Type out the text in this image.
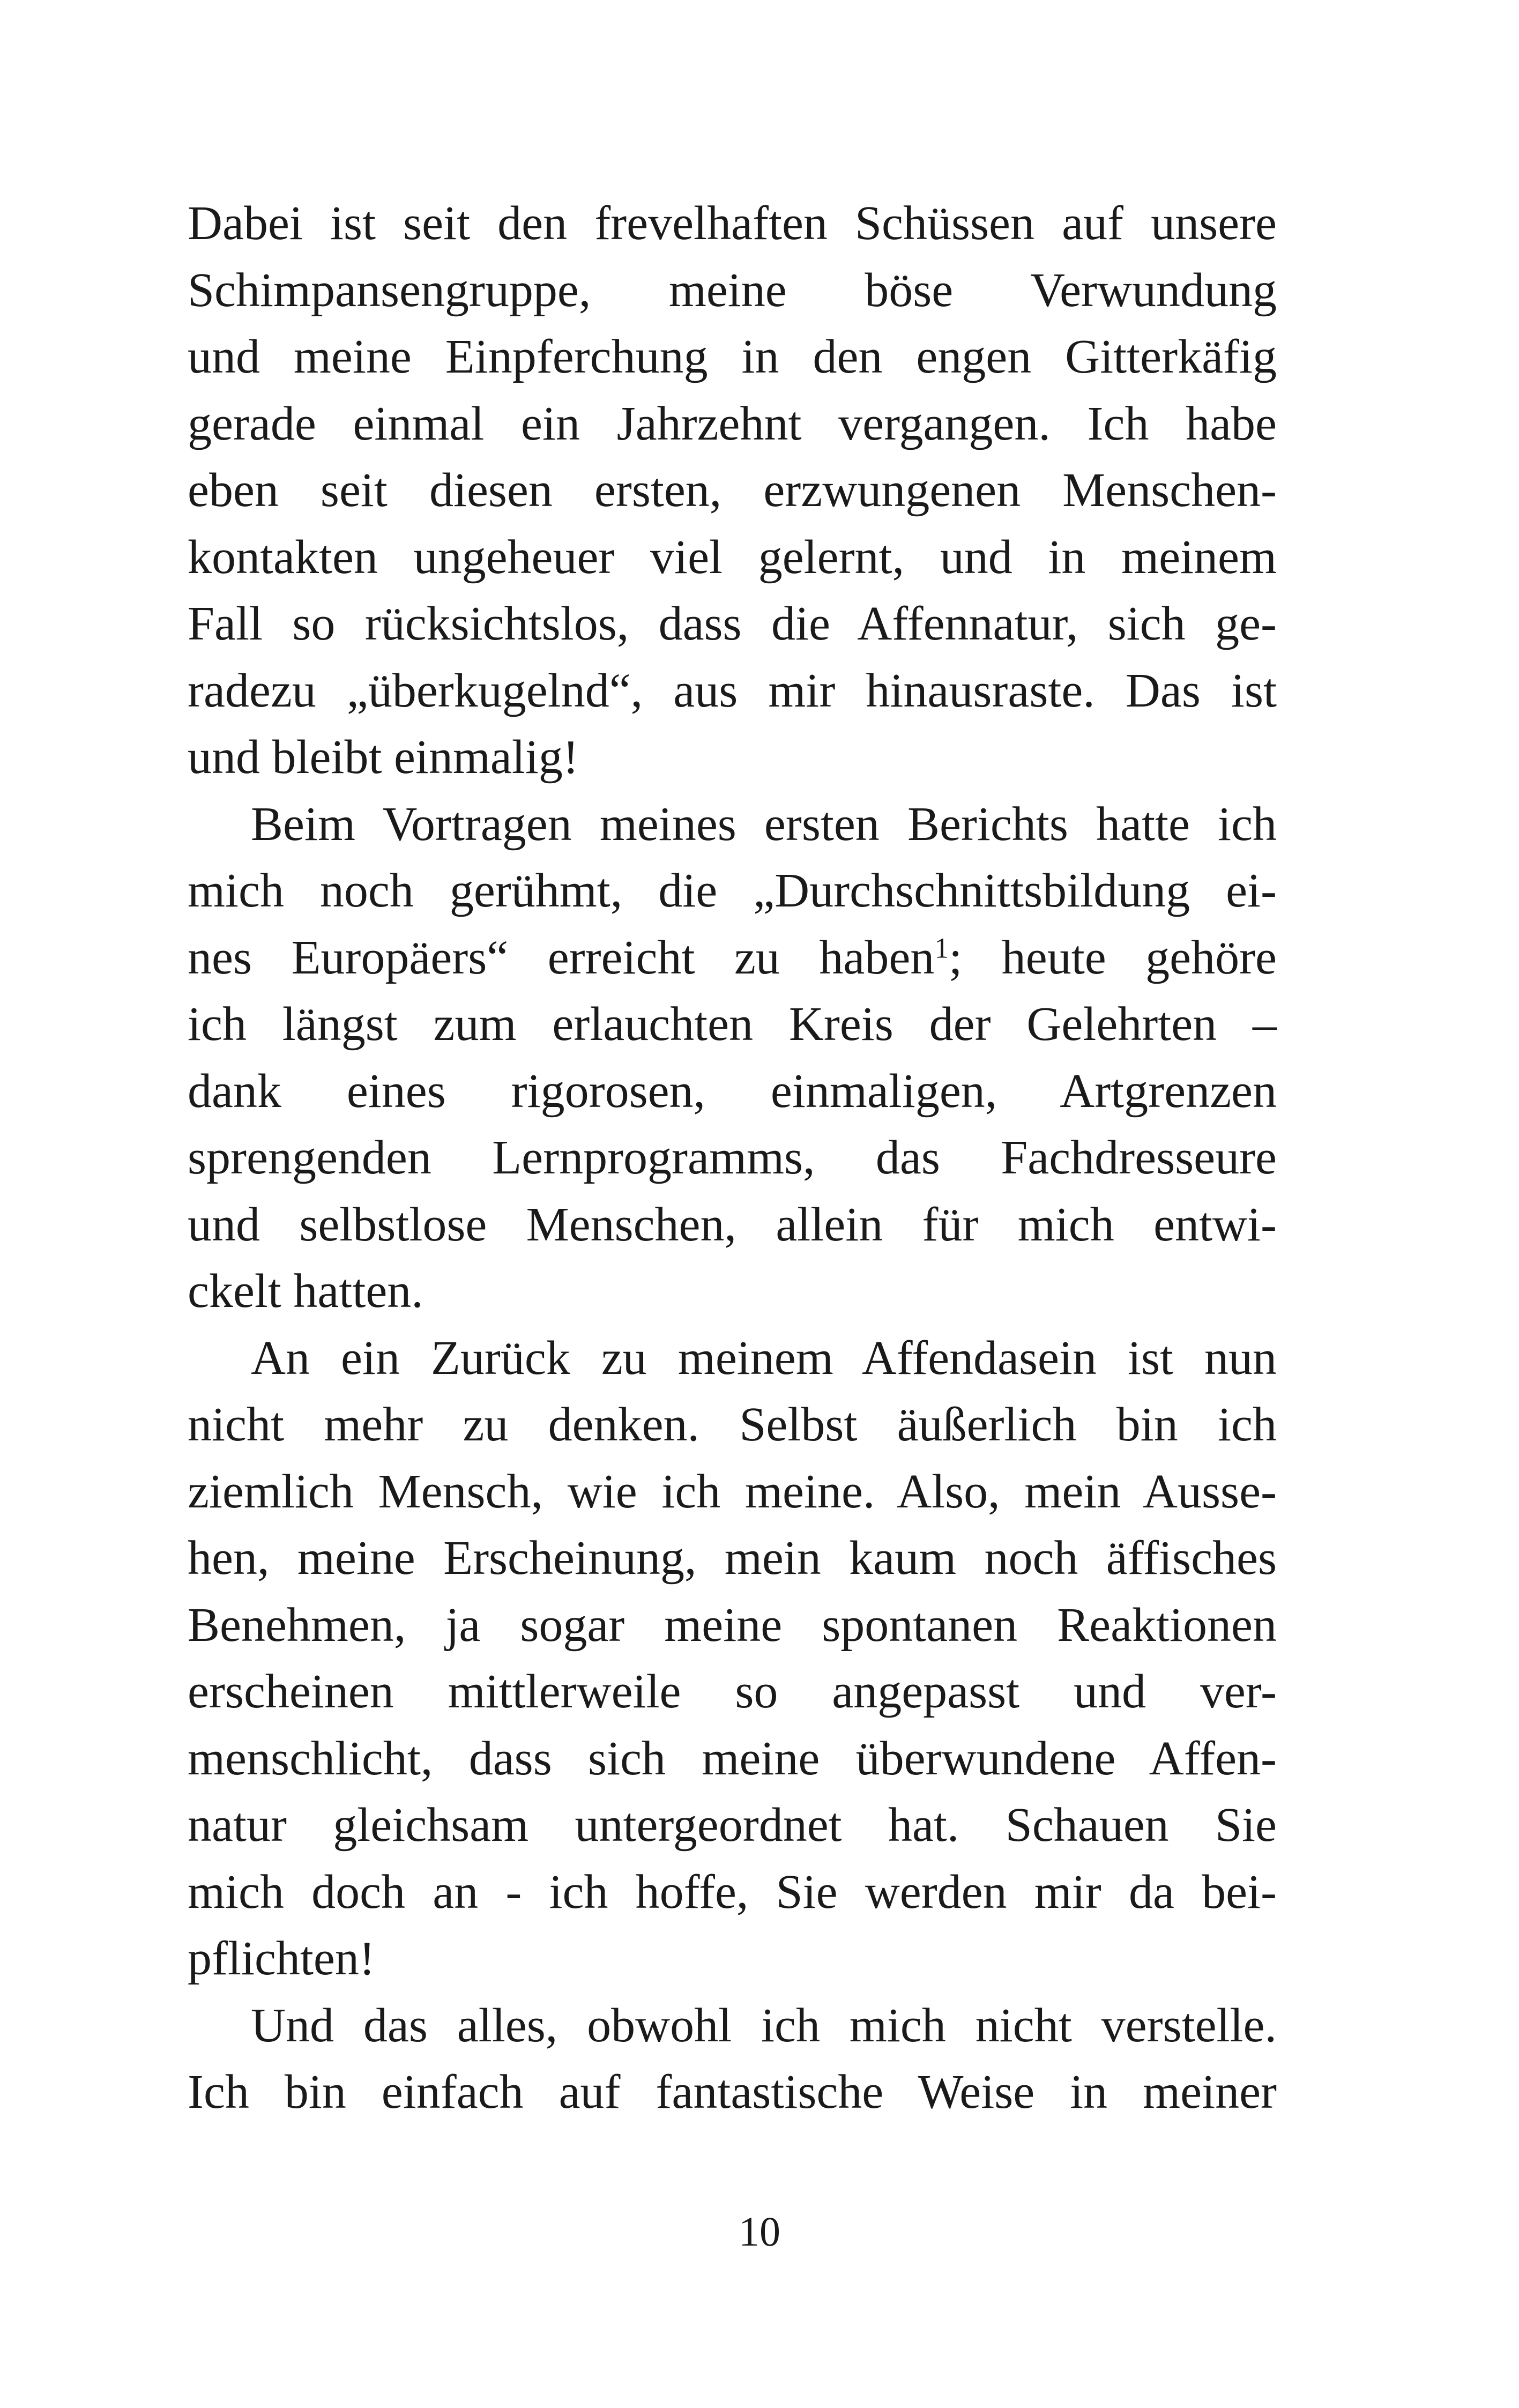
Dabei ist seit den frevelhaften Schüssen auf unsere
Schimpansengruppe, meine böse Verwundung
und meine Einpferchung in den engen Gitterkäfig
gerade einmal ein Jahrzehnt vergangen. Ich habe
eben seit diesen ersten, erzwungenen Menschen-
kontakten ungeheuer viel gelernt, und in meinem
Fall so rücksichtslos, dass die Affennatur, sich ge-
radezu „überkugelnd“, aus mir hinausraste. Das ist
und bleibt einmalig!
Beim Vortragen meines ersten Berichts hatte ich
mich noch gerühmt, die „Durchschnittsbildung ei-
nes Europäers“ erreicht zu haben$^1$; heute gehöre
ich längst zum erlauchten Kreis der Gelehrten –
dank eines rigorosen, einmaligen, Artgrenzen
sprengenden Lernprogramms, das Fachdresseure
und selbstlose Menschen, allein für mich entwi-
ckelt hatten.
An ein Zurück zu meinem Affendasein ist nun
nicht mehr zu denken. Selbst äußerlich bin ich
ziemlich Mensch, wie ich meine. Also, mein Ausse-
hen, meine Erscheinung, mein kaum noch äffisches
Benehmen, ja sogar meine spontanen Reaktionen
erscheinen mittlerweile so angepasst und ver-
menschlicht, dass sich meine überwundene Affen-
natur gleichsam untergeordnet hat. Schauen Sie
mich doch an - ich hoffe, Sie werden mir da bei-
pflichten!
Und das alles, obwohl ich mich nicht verstelle.
Ich bin einfach auf fantastische Weise in meiner
10
